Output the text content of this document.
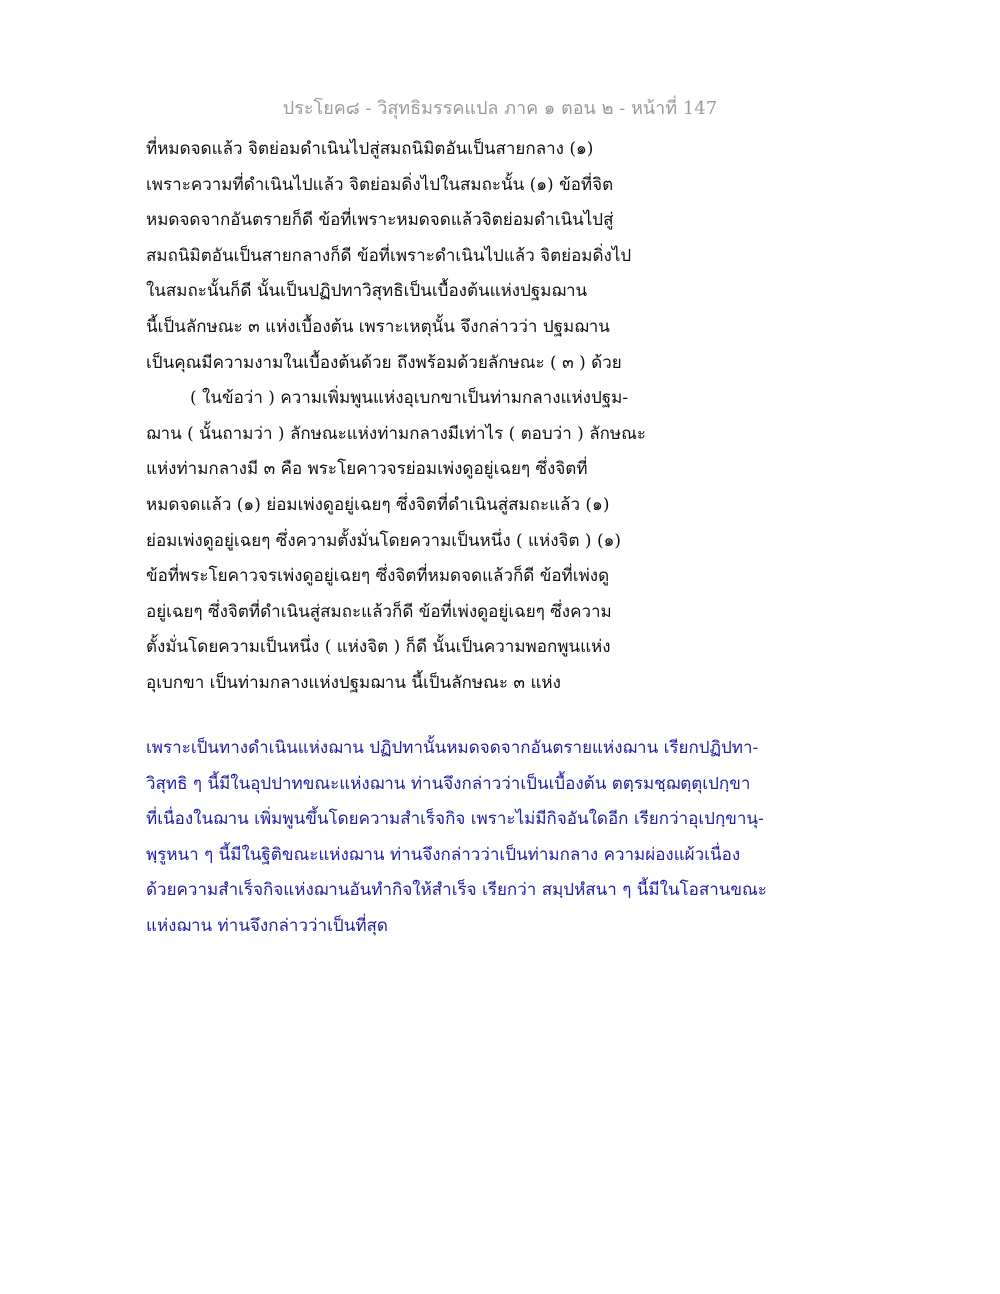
ประโยค๘ - วิสุทธิมรรคแปล ภาค ๑ ตอน ๒ - หน้าที่ 147
ที่หมดจดแล้ว จิตย่อมดำเนินไปสู่สมถนิมิตอันเป็นสายกลาง (๑)
เพราะความที่ดำเนินไปแล้ว จิตย่อมดิ่งไปในสมถะนั้น (๑) ข้อที่จิต
หมดจดจากอันตรายก็ดี ข้อที่เพราะหมดจดแล้วจิตย่อมดำเนินไปสู่
สมถนิมิตอันเป็นสายกลางก็ดี ข้อที่เพราะดำเนินไปแล้ว จิตย่อมดิ่งไป
ในสมถะนั้นก็ดี นั้นเป็นปฏิปทาวิสุทธิเป็นเบื้องต้นแห่งปฐมฌาน
นี้เป็นลักษณะ ๓ แห่งเบื้องต้น เพราะเหตุนั้น จึงกล่าวว่า ปฐมฌาน
เป็นคุณมีความงามในเบื้องต้นด้วย ถึงพร้อมด้วยลักษณะ ( ๓ ) ด้วย
( ในข้อว่า ) ความเพิ่มพูนแห่งอุเบกขาเป็นท่ามกลางแห่งปฐม-
ฌาน ( นั้นถามว่า ) ลักษณะแห่งท่ามกลางมีเท่าไร ( ตอบว่า ) ลักษณะ
แห่งท่ามกลางมี ๓ คือ พระโยคาวจรย่อมเพ่งดูอยู่เฉยๆ ซึ่งจิตที่
หมดจดแล้ว (๑) ย่อมเพ่งดูอยู่เฉยๆ ซึ่งจิตที่ดำเนินสู่สมถะแล้ว (๑)
ย่อมเพ่งดูอยู่เฉยๆ ซึ่งความตั้งมั่นโดยความเป็นหนึ่ง ( แห่งจิต ) (๑)
ข้อที่พระโยคาวจรเพ่งดูอยู่เฉยๆ ซึ่งจิตที่หมดจดแล้วก็ดี ข้อที่เพ่งดู
อยู่เฉยๆ ซึ่งจิตที่ดำเนินสู่สมถะแล้วก็ดี ข้อที่เพ่งดูอยู่เฉยๆ ซึ่งความ
ตั้งมั่นโดยความเป็นหนึ่ง ( แห่งจิต ) ก็ดี นั้นเป็นความพอกพูนแห่ง
อุเบกขา เป็นท่ามกลางแห่งปฐมฌาน นี้เป็นลักษณะ ๓ แห่ง
เพราะเป็นทางดำเนินแห่งฌาน ปฏิปทานั้นหมดจดจากอันตรายแห่งฌาน เรียกปฏิปทา-
วิสุทธิ ๆ นี้มีในอุปปาทขณะแห่งฌาน ท่านจึงกล่าวว่าเป็นเบื้องต้น ตตฺรมชฺฌตฺตุเปกฺขา
ที่เนื่องในฌาน เพิ่มพูนขึ้นโดยความสำเร็จกิจ เพราะไม่มีกิจอันใดอีก เรียกว่าอุเปกฺขานุ-
พฺรูหนา ๆ นี้มีในฐิติขณะแห่งฌาน ท่านจึงกล่าวว่าเป็นท่ามกลาง ความผ่องแผ้วเนื่อง
ด้วยความสำเร็จกิจแห่งฌานอันทำกิจให้สำเร็จ เรียกว่า สมฺปหํสนา ๆ นี้มีในโอสานขณะ
แห่งฌาน ท่านจึงกล่าวว่าเป็นที่สุด
